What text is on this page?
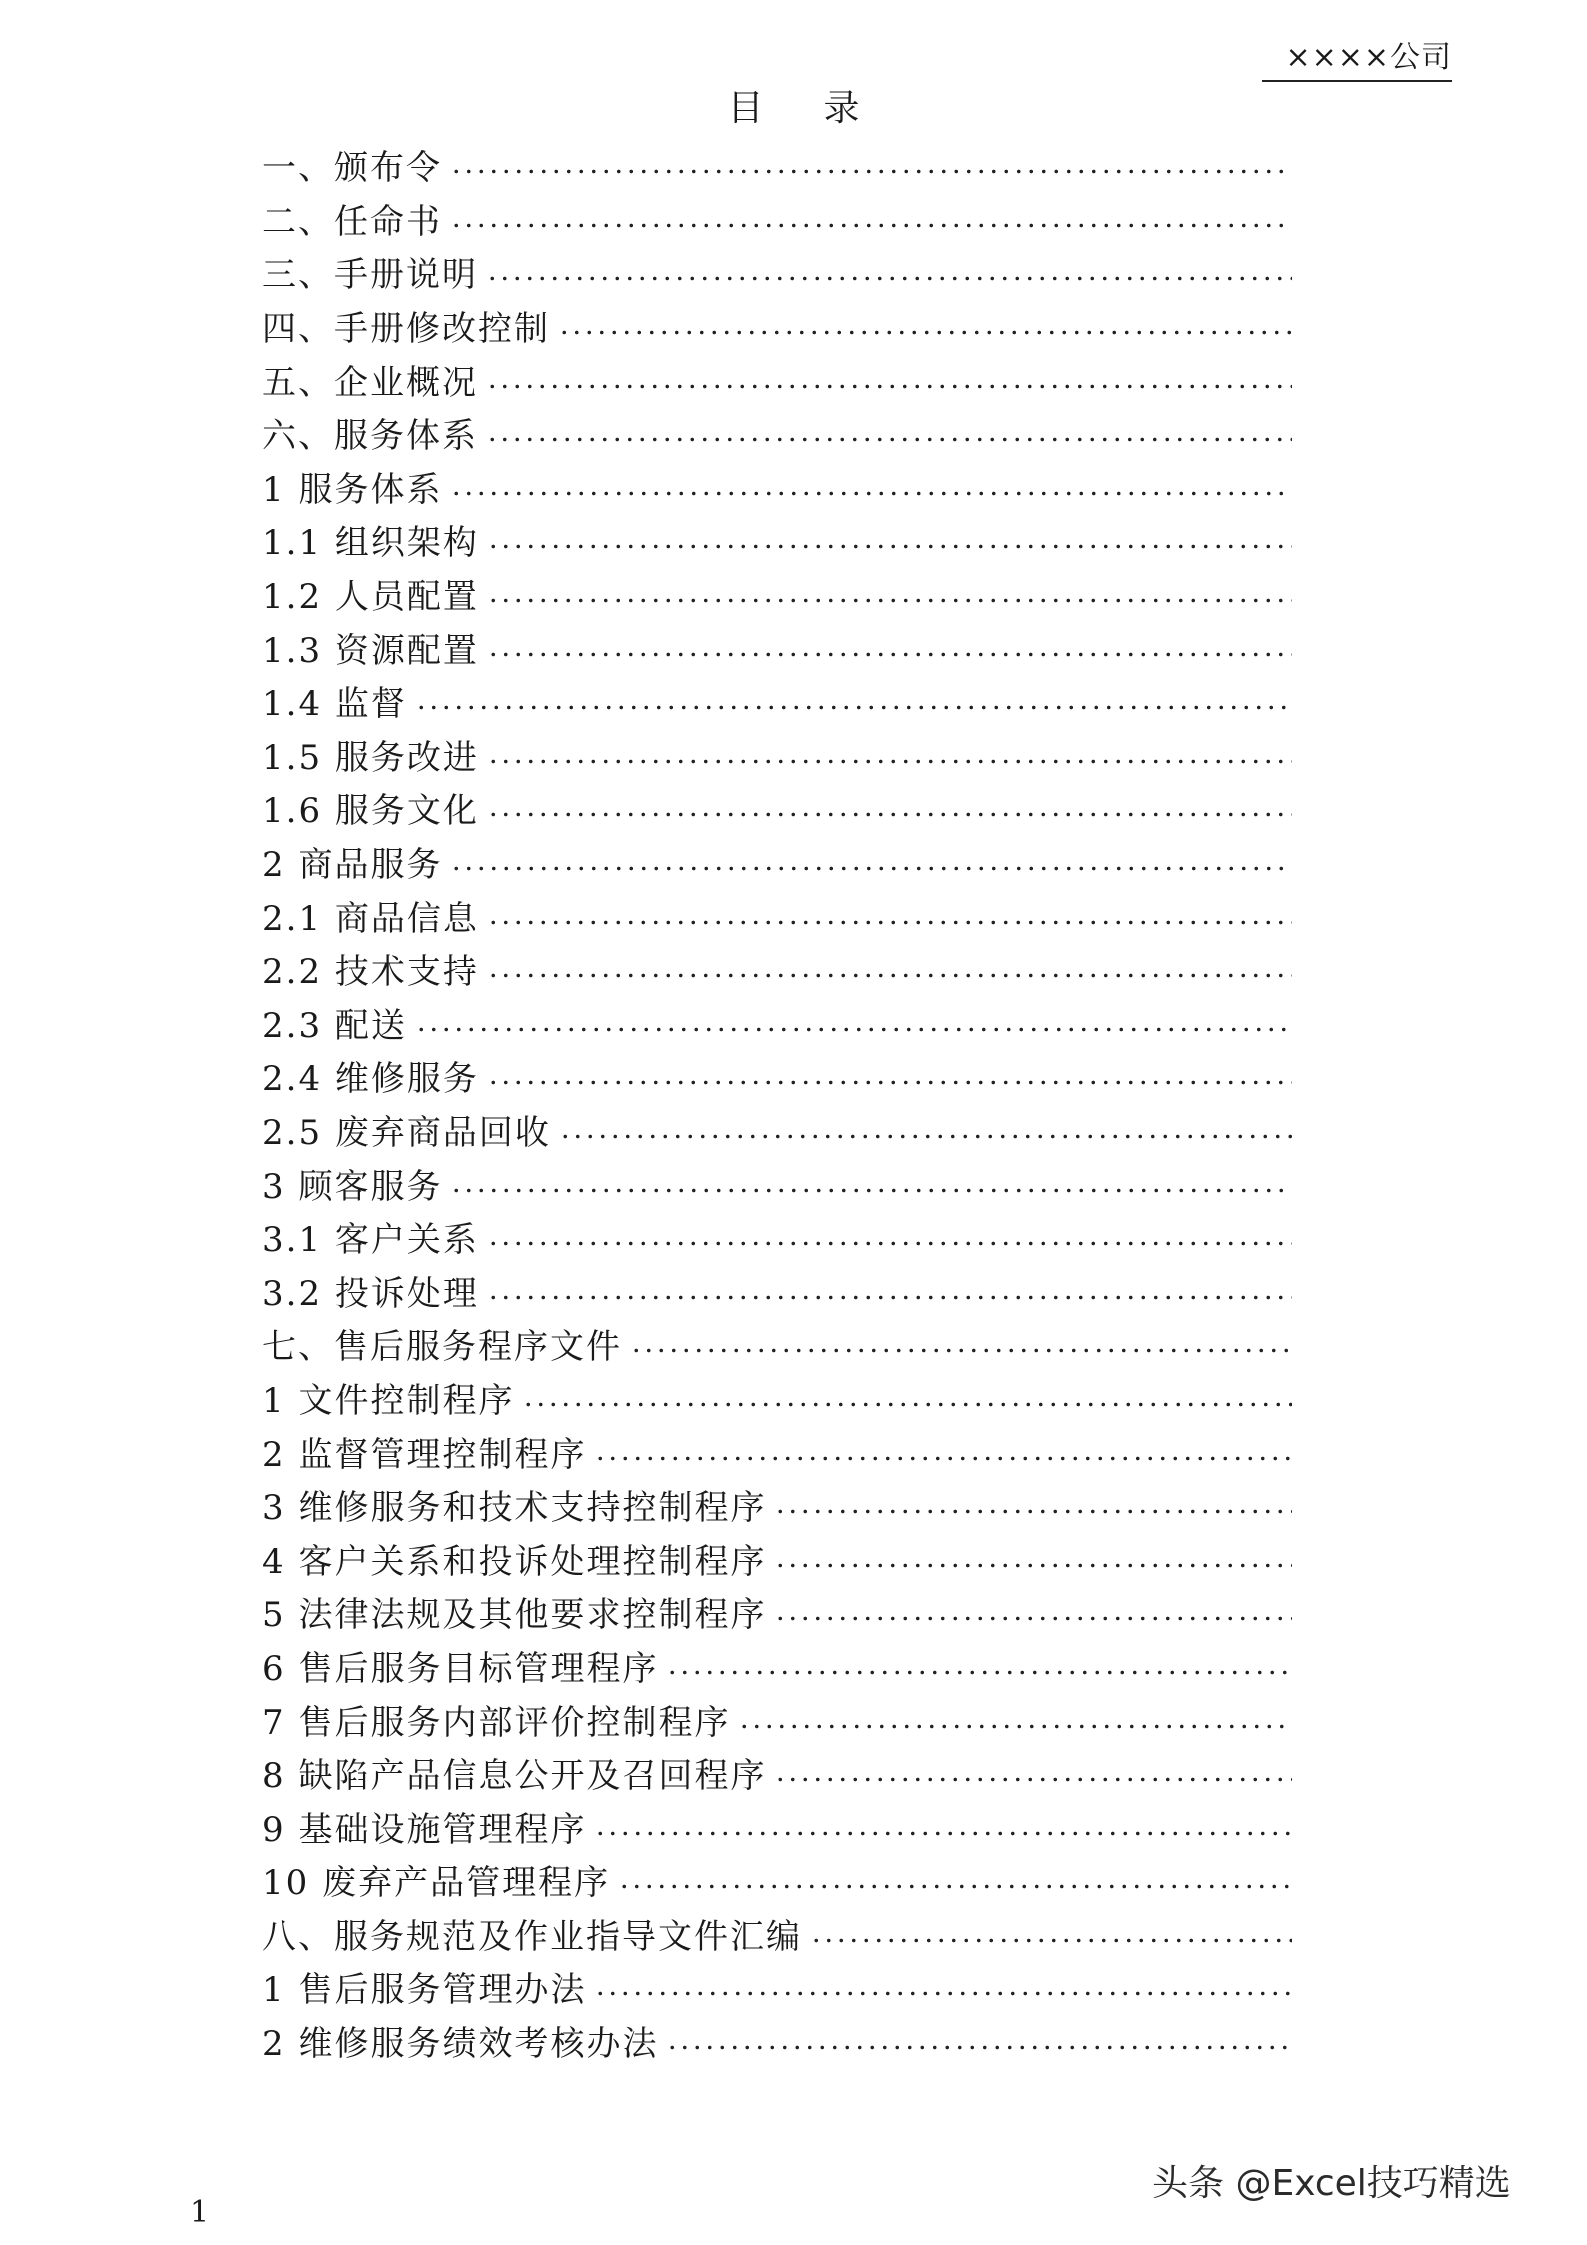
××××公司
目录
一、颁布令
二、任命书
三、手册说明
四、手册修改控制
五、企业概况
六、服务体系
1 服务体系
1.1 组织架构
1.2 人员配置
1.3 资源配置
1.4 监督
1.5 服务改进
1.6 服务文化
2 商品服务
2.1 商品信息
2.2 技术支持
2.3 配送
2.4 维修服务
2.5 废弃商品回收
3 顾客服务
3.1 客户关系
3.2 投诉处理
七、售后服务程序文件
1 文件控制程序
2 监督管理控制程序
3 维修服务和技术支持控制程序
4 客户关系和投诉处理控制程序
5 法律法规及其他要求控制程序
6 售后服务目标管理程序
7 售后服务内部评价控制程序
8 缺陷产品信息公开及召回程序
9 基础设施管理程序
10 废弃产品管理程序
八、服务规范及作业指导文件汇编
1 售后服务管理办法
2 维修服务绩效考核办法
1
头条 @Excel技巧精选
